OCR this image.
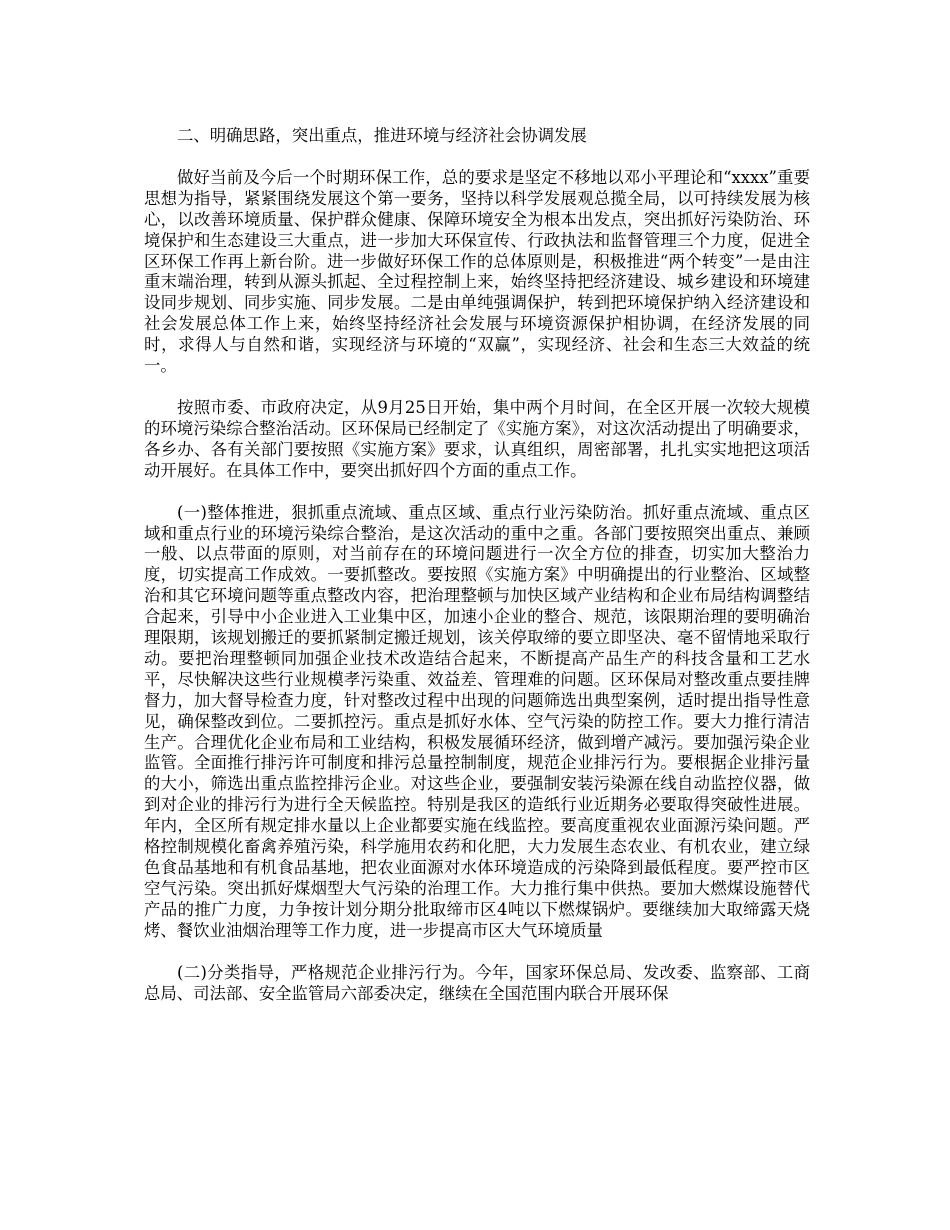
二、明确思路，突出重点，推进环境与经济社会协调发展

做好当前及今后一个时期环保工作，总的要求是坚定不移地以邓小平理论和“xxxx”重要思想为指导，紧紧围绕发展这个第一要务，坚持以科学发展观总揽全局，以可持续发展为核心，以改善环境质量、保护群众健康、保障环境安全为根本出发点，突出抓好污染防治、环境保护和生态建设三大重点，进一步加大环保宣传、行政执法和监督管理三个力度，促进全区环保工作再上新台阶。进一步做好环保工作的总体原则是，积极推进“两个转变”一是由注重末端治理，转到从源头抓起、全过程控制上来，始终坚持把经济建设、城乡建设和环境建设同步规划、同步实施、同步发展。二是由单纯强调保护，转到把环境保护纳入经济建设和社会发展总体工作上来，始终坚持经济社会发展与环境资源保护相协调，在经济发展的同时，求得人与自然和谐，实现经济与环境的“双赢”，实现经济、社会和生态三大效益的统一。

按照市委、市政府决定，从9月25日开始，集中两个月时间，在全区开展一次较大规模的环境污染综合整治活动。区环保局已经制定了《实施方案》，对这次活动提出了明确要求，各乡办、各有关部门要按照《实施方案》要求，认真组织，周密部署，扎扎实实地把这项活动开展好。在具体工作中，要突出抓好四个方面的重点工作。

(一)整体推进，狠抓重点流域、重点区域、重点行业污染防治。抓好重点流域、重点区域和重点行业的环境污染综合整治，是这次活动的重中之重。各部门要按照突出重点、兼顾一般、以点带面的原则，对当前存在的环境问题进行一次全方位的排查，切实加大整治力度，切实提高工作成效。一要抓整改。要按照《实施方案》中明确提出的行业整治、区域整治和其它环境问题等重点整改内容，把治理整顿与加快区域产业结构和企业布局结构调整结合起来，引导中小企业进入工业集中区，加速小企业的整合、规范，该限期治理的要明确治理限期，该规划搬迁的要抓紧制定搬迁规划，该关停取缔的要立即坚决、毫不留情地采取行动。要把治理整顿同加强企业技术改造结合起来，不断提高产品生产的科技含量和工艺水平，尽快解决这些行业规模孝污染重、效益差、管理难的问题。区环保局对整改重点要挂牌督力，加大督导检查力度，针对整改过程中出现的问题筛选出典型案例，适时提出指导性意见，确保整改到位。二要抓控污。重点是抓好水体、空气污染的防控工作。要大力推行清洁生产。合理优化企业布局和工业结构，积极发展循环经济，做到增产减污。要加强污染企业监管。全面推行排污许可制度和排污总量控制制度，规范企业排污行为。要根据企业排污量的大小，筛选出重点监控排污企业。对这些企业，要强制安装污染源在线自动监控仪器，做到对企业的排污行为进行全天候监控。特别是我区的造纸行业近期务必要取得突破性进展。年内，全区所有规定排水量以上企业都要实施在线监控。要高度重视农业面源污染问题。严格控制规模化畜禽养殖污染，科学施用农药和化肥，大力发展生态农业、有机农业，建立绿色食品基地和有机食品基地，把农业面源对水体环境造成的污染降到最低程度。要严控市区空气污染。突出抓好煤烟型大气污染的治理工作。大力推行集中供热。要加大燃煤设施替代产品的推广力度，力争按计划分期分批取缔市区4吨以下燃煤锅炉。要继续加大取缔露天烧烤、餐饮业油烟治理等工作力度，进一步提高市区大气环境质量

(二)分类指导，严格规范企业排污行为。今年，国家环保总局、发改委、监察部、工商总局、司法部、安全监管局六部委决定，继续在全国范围内联合开展环保
